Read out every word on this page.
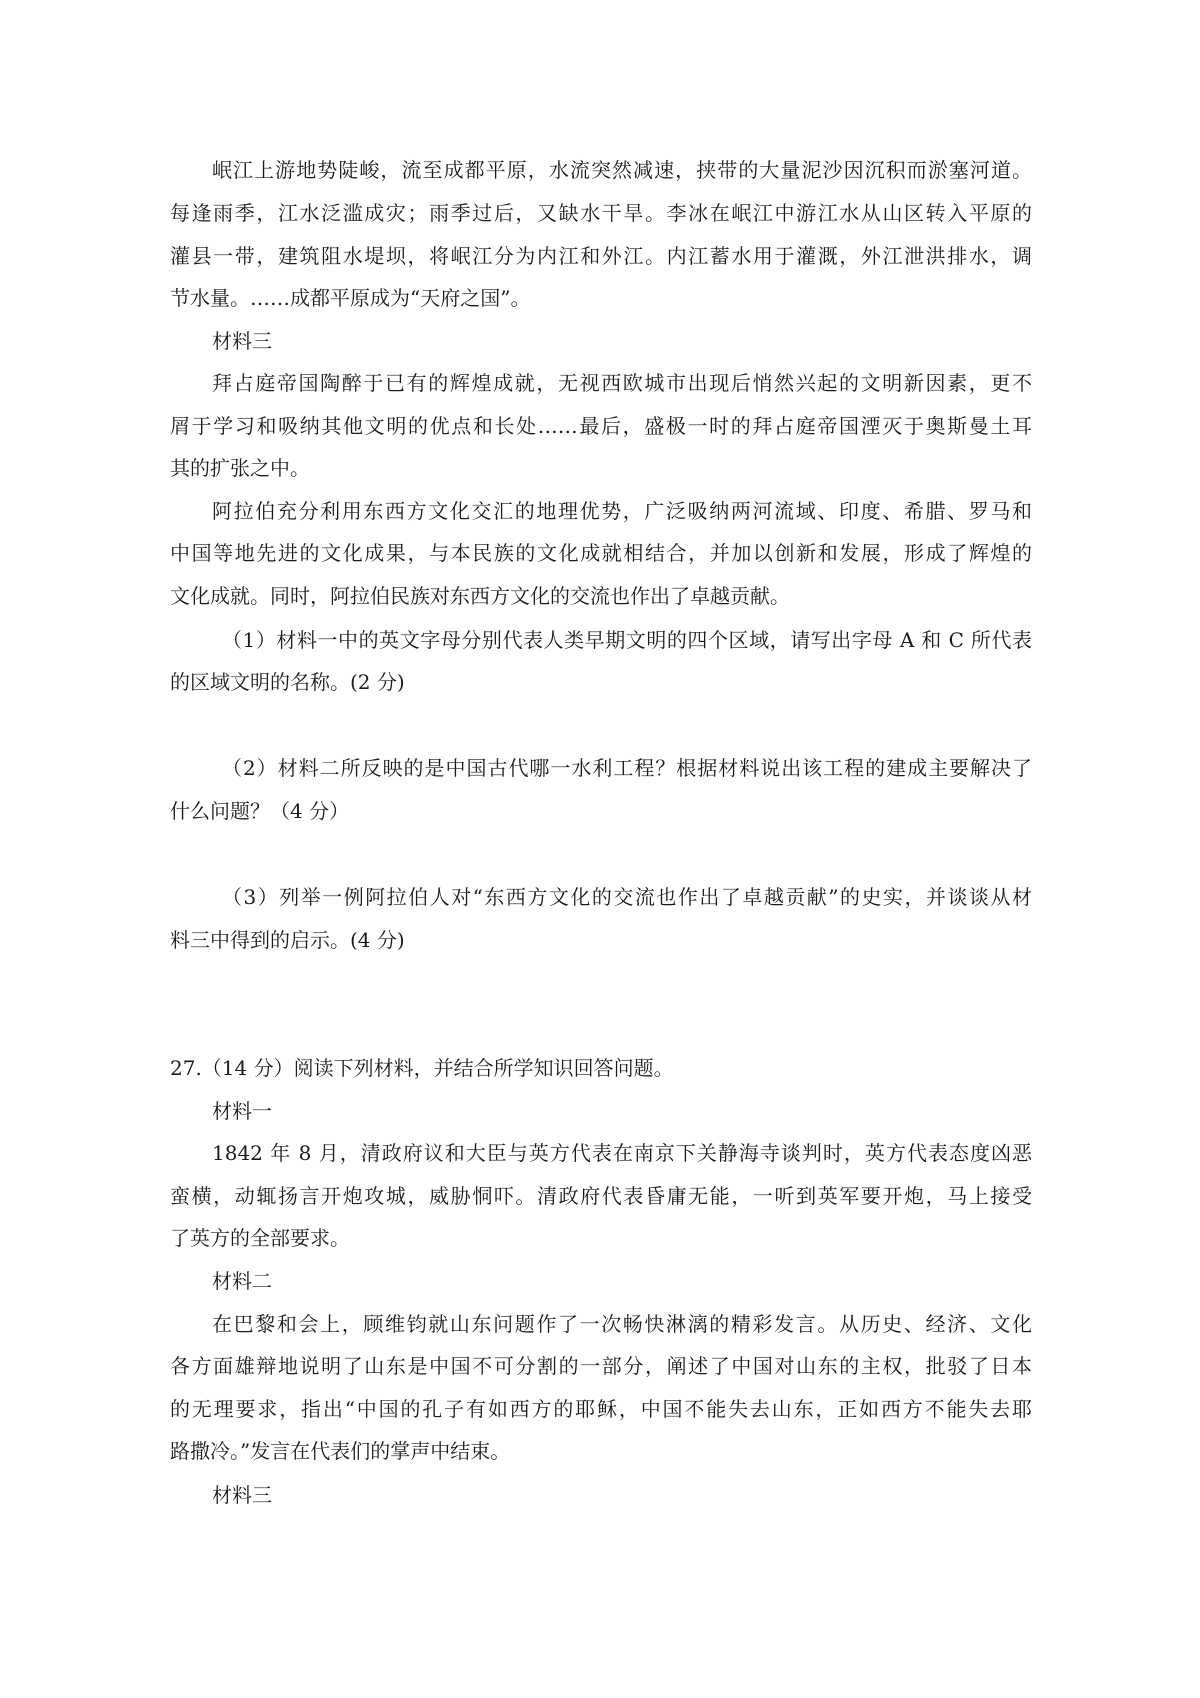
岷江上游地势陡峻，流至成都平原，水流突然减速，挟带的大量泥沙因沉积而淤塞河道。
每逢雨季，江水泛滥成灾；雨季过后，又缺水干旱。李冰在岷江中游江水从山区转入平原的
灌县一带，建筑阻水堤坝，将岷江分为内江和外江。内江蓄水用于灌溉，外江泄洪排水，调
节水量。……成都平原成为“天府之国”。
材料三
拜占庭帝国陶醉于已有的辉煌成就，无视西欧城市出现后悄然兴起的文明新因素，更不
屑于学习和吸纳其他文明的优点和长处……最后，盛极一时的拜占庭帝国湮灭于奥斯曼土耳
其的扩张之中。
阿拉伯充分利用东西方文化交汇的地理优势，广泛吸纳两河流域、印度、希腊、罗马和
中国等地先进的文化成果，与本民族的文化成就相结合，并加以创新和发展，形成了辉煌的
文化成就。同时，阿拉伯民族对东西方文化的交流也作出了卓越贡献。
（1）材料一中的英文字母分别代表人类早期文明的四个区域，请写出字母 A 和 C 所代表
的区域文明的名称。(2 分)
（2）材料二所反映的是中国古代哪一水利工程？根据材料说出该工程的建成主要解决了
什么问题？（4 分）
（3）列举一例阿拉伯人对“东西方文化的交流也作出了卓越贡献”的史实，并谈谈从材
料三中得到的启示。(4 分)
27.（14 分）阅读下列材料，并结合所学知识回答问题。
材料一
1842 年 8 月，清政府议和大臣与英方代表在南京下关静海寺谈判时，英方代表态度凶恶
蛮横，动辄扬言开炮攻城，威胁恫吓。清政府代表昏庸无能，一听到英军要开炮，马上接受
了英方的全部要求。
材料二
在巴黎和会上，顾维钧就山东问题作了一次畅快淋漓的精彩发言。从历史、经济、文化
各方面雄辩地说明了山东是中国不可分割的一部分，阐述了中国对山东的主权，批驳了日本
的无理要求，指出“中国的孔子有如西方的耶稣，中国不能失去山东，正如西方不能失去耶
路撒冷。”发言在代表们的掌声中结束。
材料三
